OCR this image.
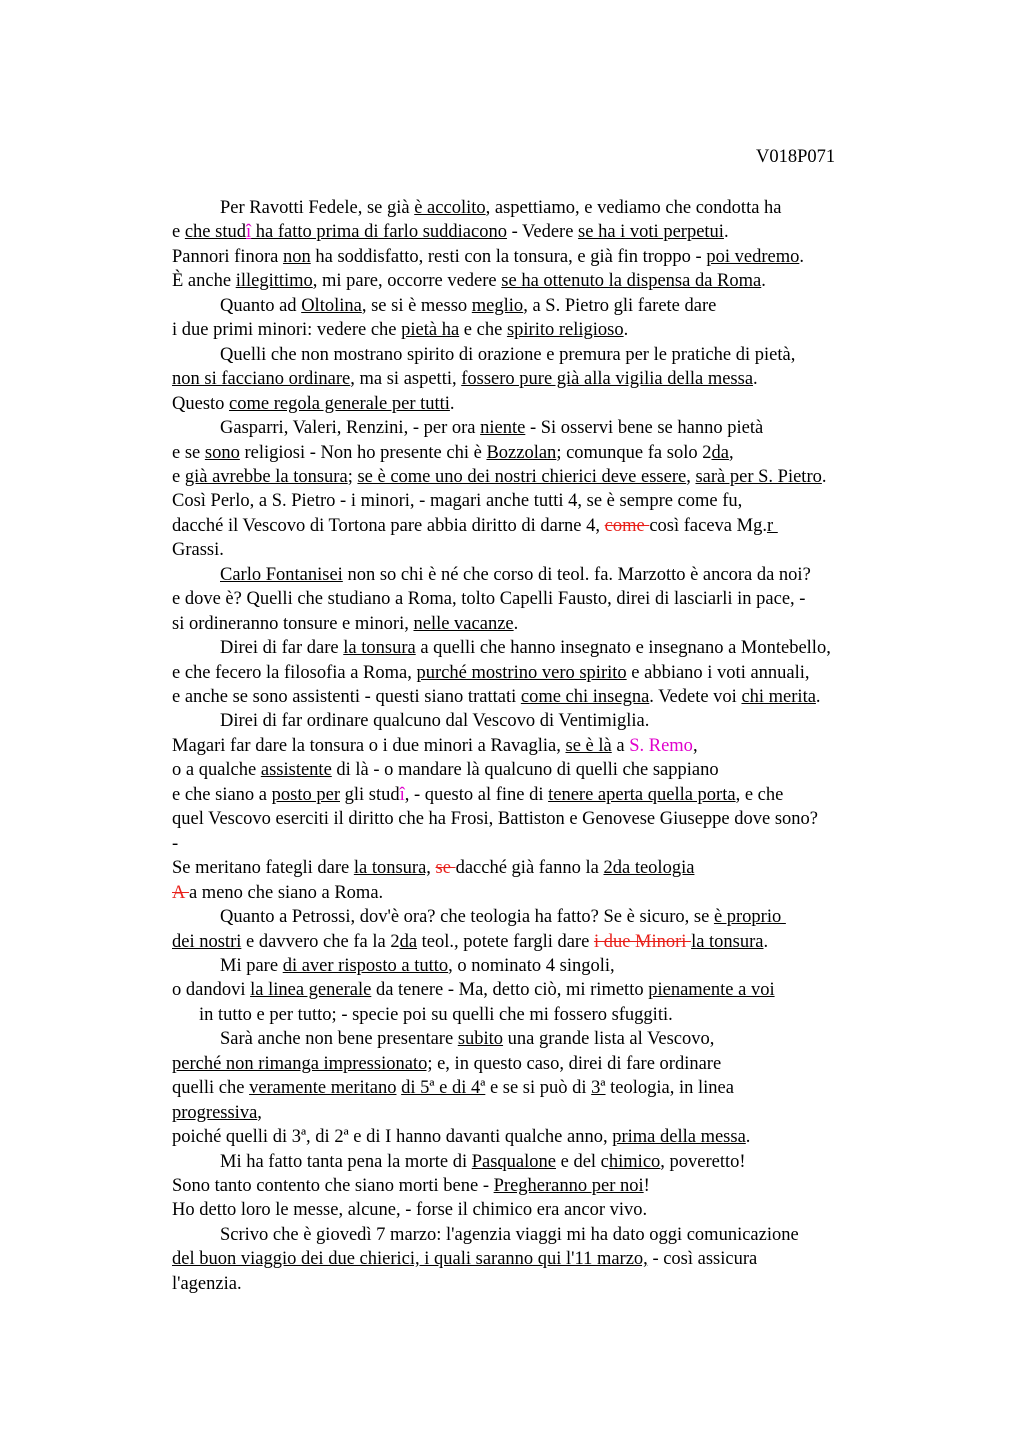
V018P071
Per Ravotti Fedele, se già è accolito, aspettiamo, e vediamo che condotta ha
e che studî ha fatto prima di farlo suddiacono - Vedere se ha i voti perpetui.
Pannori finora non ha soddisfatto, resti con la tonsura, e già fin troppo - poi vedremo.
È anche illegittimo, mi pare, occorre vedere se ha ottenuto la dispensa da Roma.
Quanto ad Oltolina, se si è messo meglio, a S. Pietro gli farete dare
i due primi minori: vedere che pietà ha e che spirito religioso.
Quelli che non mostrano spirito di orazione e premura per le pratiche di pietà,
non si facciano ordinare, ma si aspetti, fossero pure già alla vigilia della messa.
Questo come regola generale per tutti.
Gasparri, Valeri, Renzini, - per ora niente - Si osservi bene se hanno pietà
e se sono religiosi - Non ho presente chi è Bozzolan; comunque fa solo 2da,
e già avrebbe la tonsura; se è come uno dei nostri chierici deve essere, sarà per S. Pietro.
Così Perlo, a S. Pietro - i minori, - magari anche tutti 4, se è sempre come fu,
dacché il Vescovo di Tortona pare abbia diritto di darne 4, come così faceva Mg.r
Grassi.
Carlo Fontanisei non so chi è né che corso di teol. fa. Marzotto è ancora da noi?
e dove è? Quelli che studiano a Roma, tolto Capelli Fausto, direi di lasciarli in pace, -
si ordineranno tonsure e minori, nelle vacanze.
Direi di far dare la tonsura a quelli che hanno insegnato e insegnano a Montebello,
e che fecero la filosofia a Roma, purché mostrino vero spirito e abbiano i voti annuali,
e anche se sono assistenti - questi siano trattati come chi insegna. Vedete voi chi merita.
Direi di far ordinare qualcuno dal Vescovo di Ventimiglia.
Magari far dare la tonsura o i due minori a Ravaglia, se è là a S. Remo,
o a qualche assistente di là - o mandare là qualcuno di quelli che sappiano
e che siano a posto per gli studî, - questo al fine di tenere aperta quella porta, e che
quel Vescovo eserciti il diritto che ha Frosi, Battiston e Genovese Giuseppe dove sono?
-
Se meritano fategli dare la tonsura, se dacché già fanno la 2da teologia
A a meno che siano a Roma.
Quanto a Petrossi, dov'è ora? che teologia ha fatto? Se è sicuro, se è proprio
dei nostri e davvero che fa la 2da teol., potete fargli dare i due Minori la tonsura.
Mi pare di aver risposto a tutto, o nominato 4 singoli,
o dandovi la linea generale da tenere - Ma, detto ciò, mi rimetto pienamente a voi
in tutto e per tutto; - specie poi su quelli che mi fossero sfuggiti.
Sarà anche non bene presentare subito una grande lista al Vescovo,
perché non rimanga impressionato; e, in questo caso, direi di fare ordinare
quelli che veramente meritano di 5ª e di 4ª e se si può di 3ª teologia, in linea
progressiva,
poiché quelli di 3ª, di 2ª e di I hanno davanti qualche anno, prima della messa.
Mi ha fatto tanta pena la morte di Pasqualone e del chimico, poveretto!
Sono tanto contento che siano morti bene - Pregheranno per noi!
Ho detto loro le messe, alcune, - forse il chimico era ancor vivo.
Scrivo che è giovedì 7 marzo: l'agenzia viaggi mi ha dato oggi comunicazione
del buon viaggio dei due chierici, i quali saranno qui l'11 marzo, - così assicura
l'agenzia.
